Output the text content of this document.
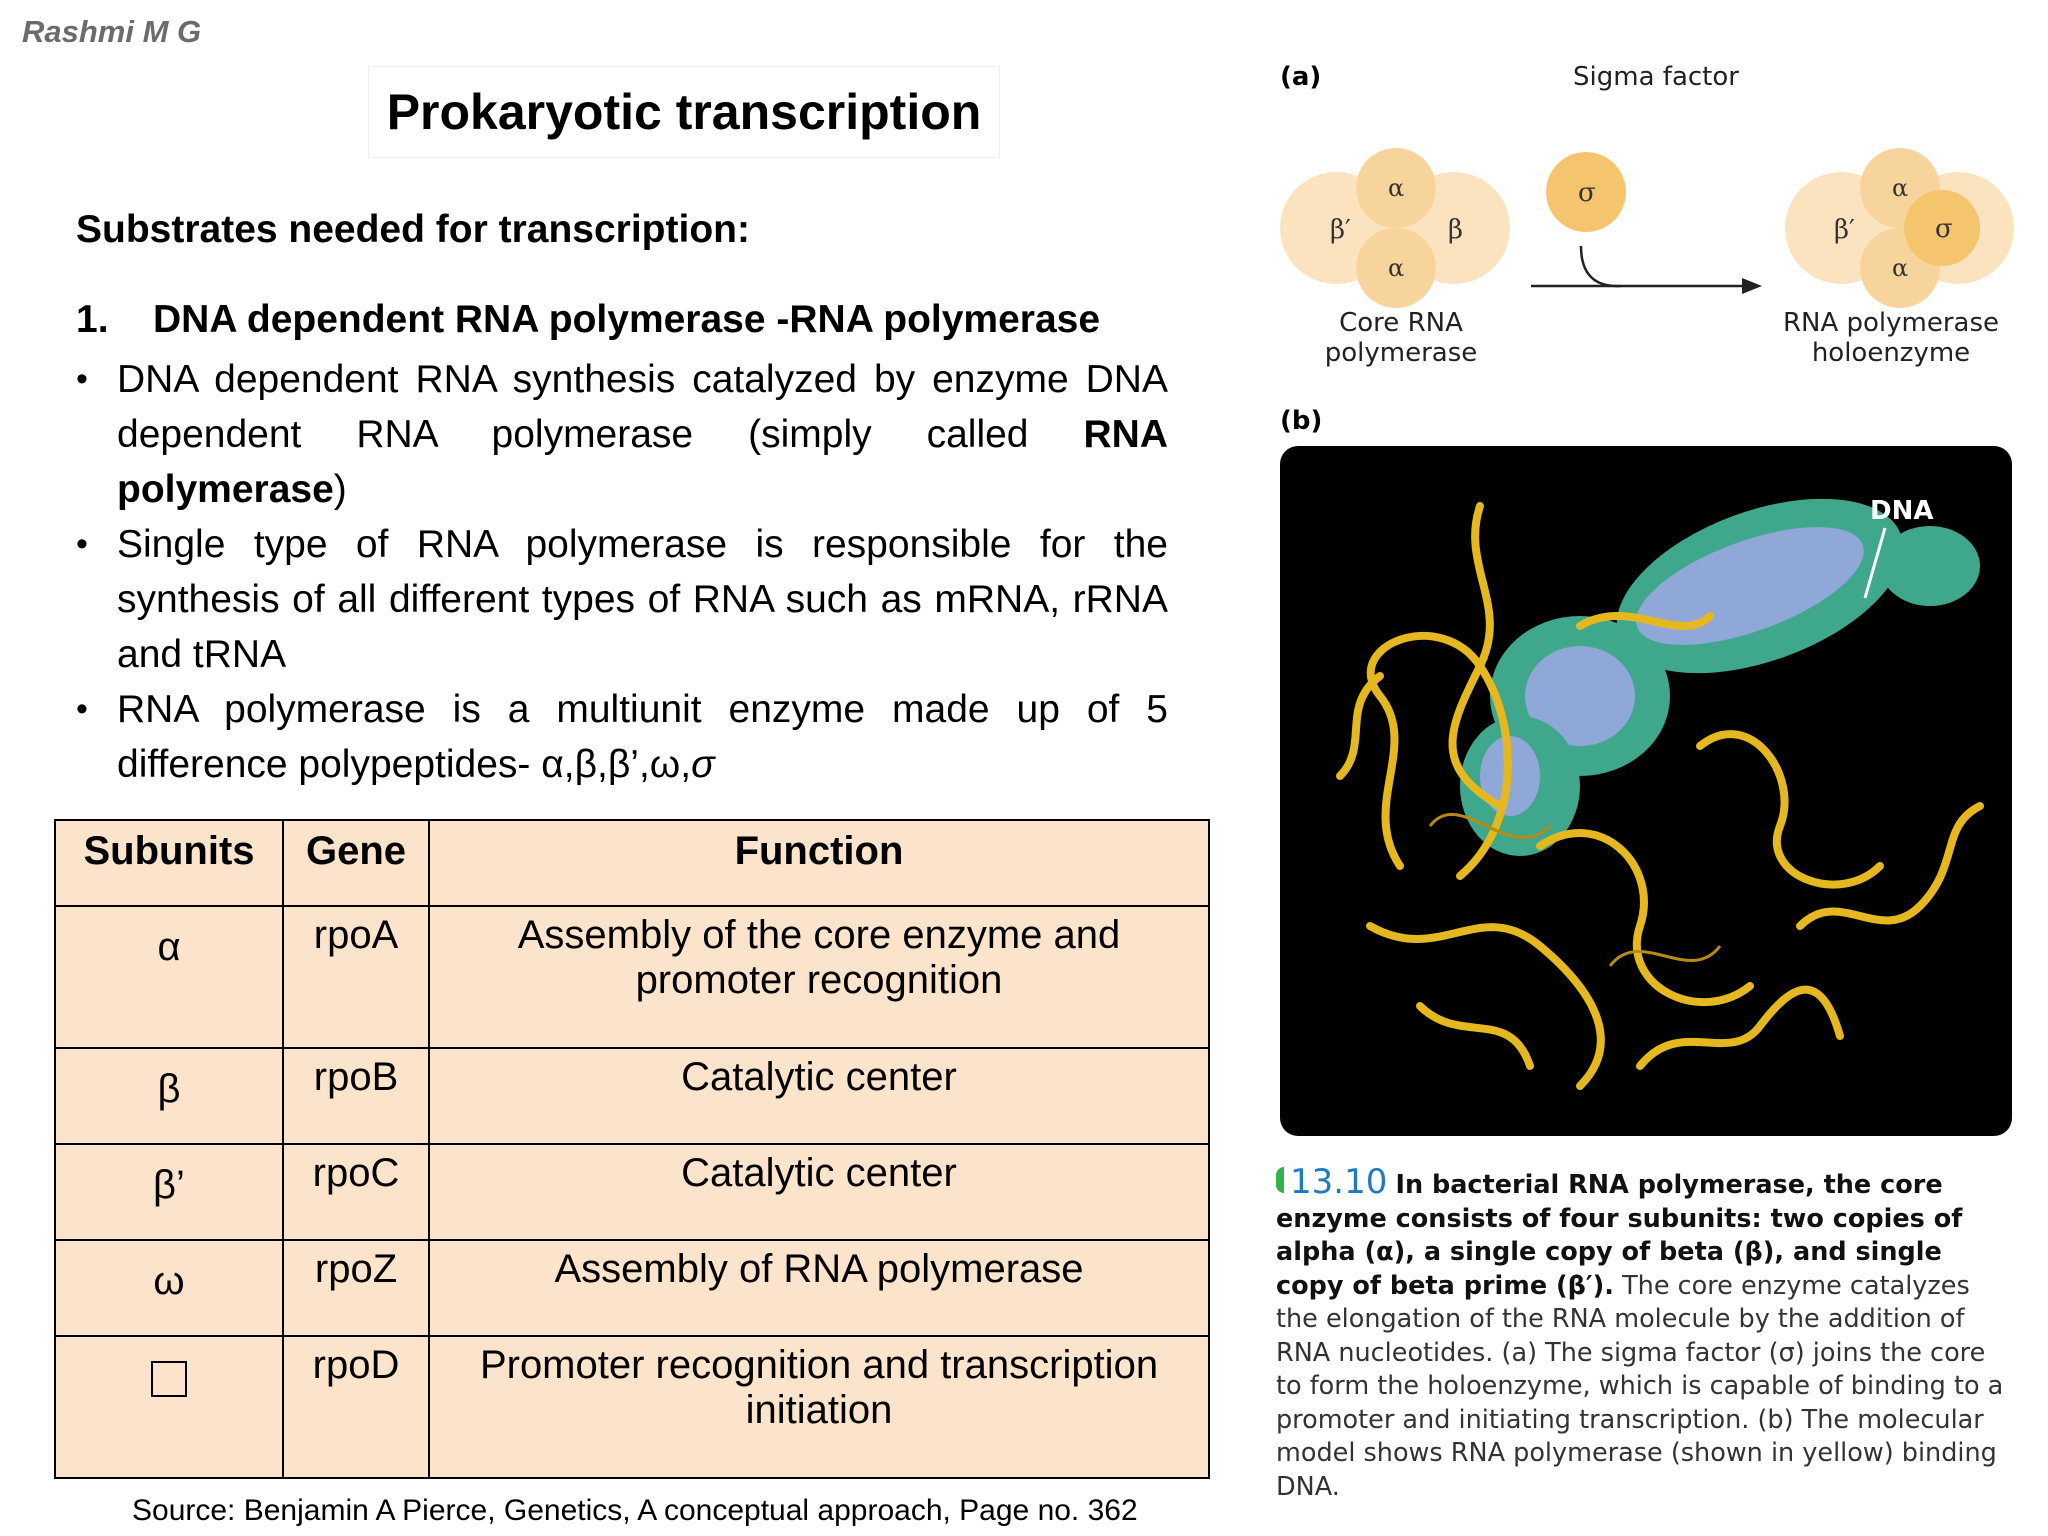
Rashmi M G
Prokaryotic transcription
Substrates needed for transcription:
1. DNA dependent RNA polymerase -RNA polymerase
• DNA dependent RNA synthesis catalyzed by enzyme DNA dependent RNA polymerase (simply called RNA polymerase)
• Single type of RNA polymerase is responsible for the synthesis of all different types of RNA such as mRNA, rRNA and tRNA
• RNA polymerase is a multiunit enzyme made up of 5 difference polypeptides- α,β,β’,ω,σ
Subunits	Gene	Function
α	rpoA	Assembly of the core enzyme and promoter recognition
β	rpoB	Catalytic center
β’	rpoC	Catalytic center
ω	rpoZ	Assembly of RNA polymerase
	rpoD	Promoter recognition and transcription initiation
Source: Benjamin A Pierce, Genetics, A conceptual approach, Page no. 362
(a)	Sigma factor
β′	β
α
α
σ
β′
α
α
σ
Core RNA
polymerase
RNA polymerase
holoenzyme
(b)
DNA
13.10 In bacterial RNA polymerase, the core enzyme consists of four subunits: two copies of alpha (α), a single copy of beta (β), and single copy of beta prime (β′). The core enzyme catalyzes the elongation of the RNA molecule by the addition of RNA nucleotides. (a) The sigma factor (σ) joins the core to form the holoenzyme, which is capable of binding to a promoter and initiating transcription. (b) The molecular model shows RNA polymerase (shown in yellow) binding DNA.
